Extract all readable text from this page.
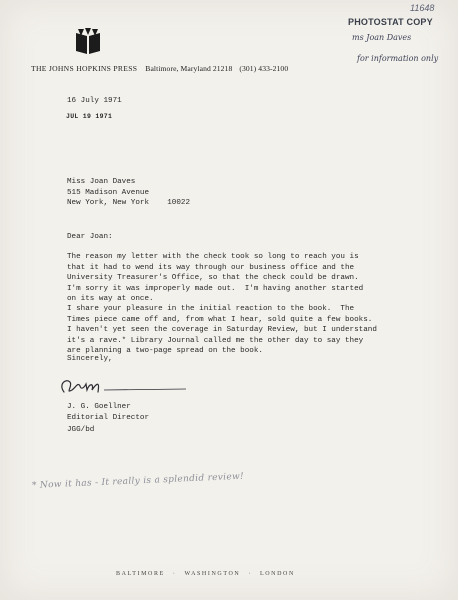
THE JOHNS HOPKINS PRESS Baltimore, Maryland 21218 (301) 433-2100
11648
PHOTOSTAT COPY
ms Joan Daves
for information only
16 July 1971
JUL 19 1971
Miss Joan Daves
515 Madison Avenue
New York, New York    10022
Dear Joan:
The reason my letter with the check took so long to reach you is
that it had to wend its way through our business office and the
University Treasurer's Office, so that the check could be drawn.
I'm sorry it was improperly made out.  I'm having another started
on its way at once.
I share your pleasure in the initial reaction to the book.  The
Times piece came off and, from what I hear, sold quite a few books.
I haven't yet seen the coverage in Saturday Review, but I understand
it's a rave.* Library Journal called me the other day to say they
are planning a two-page spread on the book.
Sincerely,
J. G. Goellner
Editorial Director
JGG/bd
* Now it has - It really is a splendid review!
BALTIMORE · WASHINGTON · LONDON
